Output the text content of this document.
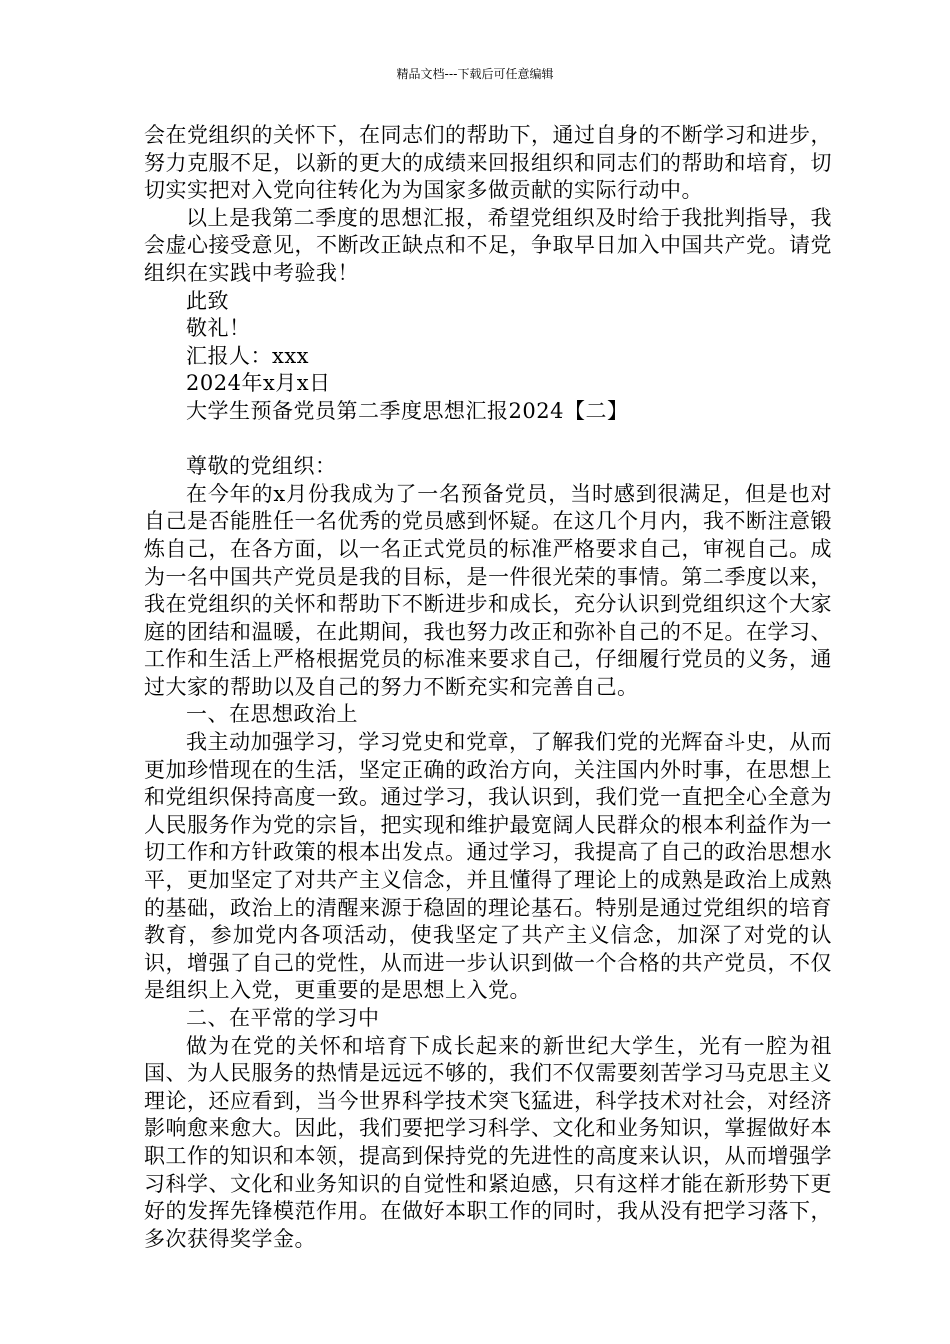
精品文档---下载后可任意编辑

会在党组织的关怀下，在同志们的帮助下，通过自身的不断学习和进步，努力克服不足，以新的更大的成绩来回报组织和同志们的帮助和培育，切切实实把对入党向往转化为为国家多做贡献的实际行动中。

以上是我第二季度的思想汇报，希望党组织及时给于我批判指导，我会虚心接受意见，不断改正缺点和不足，争取早日加入中国共产党。请党组织在实践中考验我！

此致

敬礼！

汇报人：xxx

2024年x月x日

大学生预备党员第二季度思想汇报2024【二】

尊敬的党组织：

在今年的x月份我成为了一名预备党员，当时感到很满足，但是也对自己是否能胜任一名优秀的党员感到怀疑。在这几个月内，我不断注意锻炼自己，在各方面，以一名正式党员的标准严格要求自己，审视自己。成为一名中国共产党员是我的目标，是一件很光荣的事情。第二季度以来，我在党组织的关怀和帮助下不断进步和成长，充分认识到党组织这个大家庭的团结和温暖，在此期间，我也努力改正和弥补自己的不足。在学习、工作和生活上严格根据党员的标准来要求自己，仔细履行党员的义务，通过大家的帮助以及自己的努力不断充实和完善自己。

一、在思想政治上

我主动加强学习，学习党史和党章，了解我们党的光辉奋斗史，从而更加珍惜现在的生活，坚定正确的政治方向，关注国内外时事，在思想上和党组织保持高度一致。通过学习，我认识到，我们党一直把全心全意为人民服务作为党的宗旨，把实现和维护最宽阔人民群众的根本利益作为一切工作和方针政策的根本出发点。通过学习，我提高了自己的政治思想水平，更加坚定了对共产主义信念，并且懂得了理论上的成熟是政治上成熟的基础，政治上的清醒来源于稳固的理论基石。特别是通过党组织的培育教育，参加党内各项活动，使我坚定了共产主义信念，加深了对党的认识，增强了自己的党性，从而进一步认识到做一个合格的共产党员，不仅是组织上入党，更重要的是思想上入党。

二、在平常的学习中

做为在党的关怀和培育下成长起来的新世纪大学生，光有一腔为祖国、为人民服务的热情是远远不够的，我们不仅需要刻苦学习马克思主义理论，还应看到，当今世界科学技术突飞猛进，科学技术对社会，对经济影响愈来愈大。因此，我们要把学习科学、文化和业务知识，掌握做好本职工作的知识和本领，提高到保持党的先进性的高度来认识，从而增强学习科学、文化和业务知识的自觉性和紧迫感，只有这样才能在新形势下更好的发挥先锋模范作用。在做好本职工作的同时，我从没有把学习落下，多次获得奖学金。
